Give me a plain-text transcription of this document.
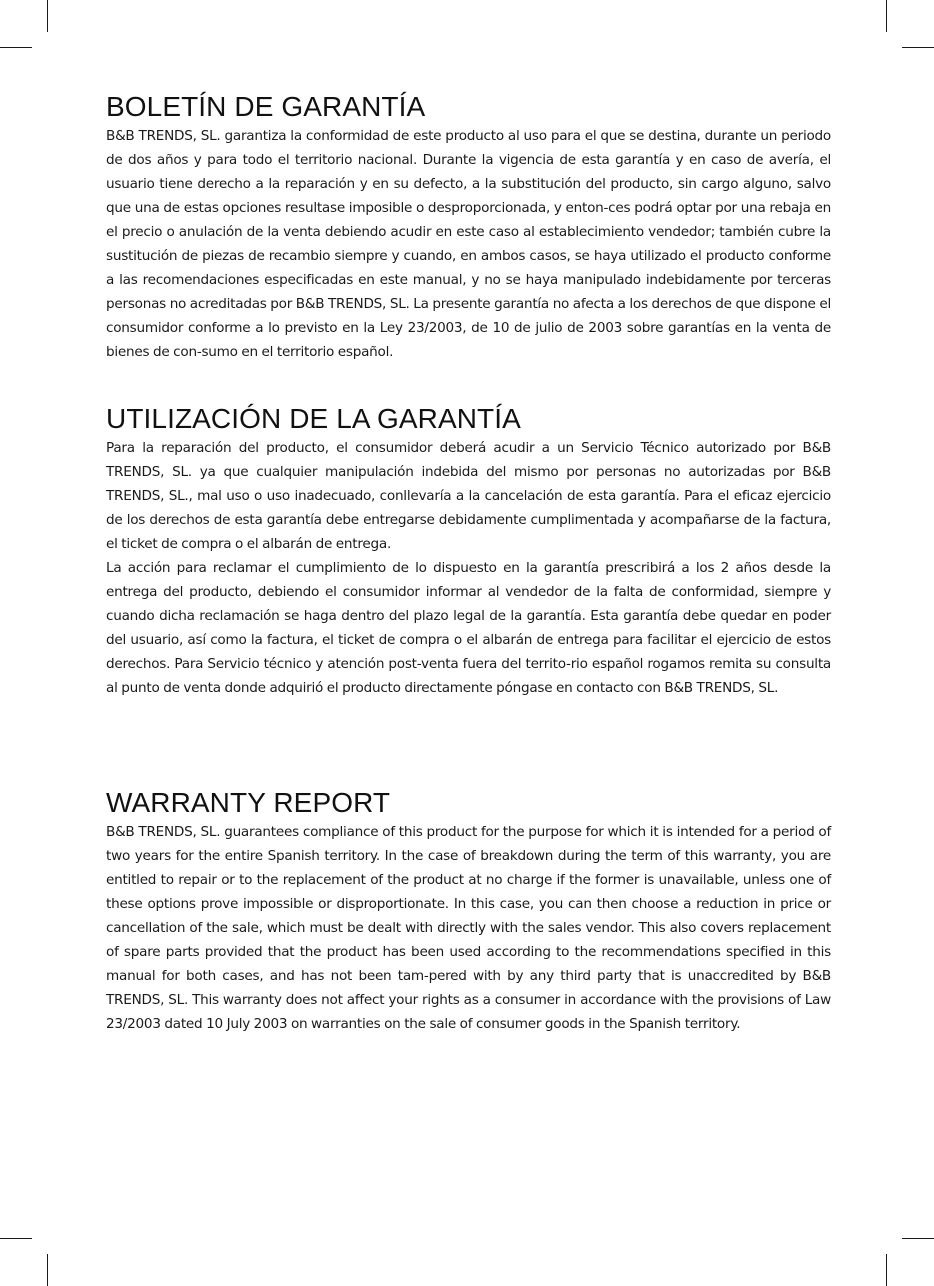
BOLETÍN DE GARANTÍA

B&B TRENDS, SL. garantiza la conformidad de este producto al uso para el que se destina, durante un periodo de dos años y para todo el territorio nacional. Durante la vigencia de esta garantía y en caso de avería, el usuario tiene derecho a la reparación y en su defecto, a la substitución del producto, sin cargo alguno, salvo que una de estas opciones resultase imposible o desproporcionada, y enton-ces podrá optar por una rebaja en el precio o anulación de la venta debiendo acudir en este caso al establecimiento vendedor; también cubre la sustitución de piezas de recambio siempre y cuando, en ambos casos, se haya utilizado el producto conforme a las recomendaciones especificadas en este manual, y no se haya manipulado indebidamente por terceras personas no acreditadas por B&B TRENDS, SL. La presente garantía no afecta a los derechos de que dispone el consumidor conforme a lo previsto en la Ley 23/2003, de 10 de julio de 2003 sobre garantías en la venta de bienes de con-sumo en el territorio español.

UTILIZACIÓN DE LA GARANTÍA

Para la reparación del producto, el consumidor deberá acudir a un Servicio Técnico autorizado por B&B TRENDS, SL. ya que cualquier manipulación indebida del mismo por personas no autorizadas por B&B TRENDS, SL., mal uso o uso inadecuado, conllevaría a la cancelación de esta garantía. Para el eficaz ejercicio de los derechos de esta garantía debe entregarse debidamente cumplimentada y acompañarse de la factura, el ticket de compra o el albarán de entrega.

La acción para reclamar el cumplimiento de lo dispuesto en la garantía prescribirá a los 2 años desde la entrega del producto, debiendo el consumidor informar al vendedor de la falta de conformidad, siempre y cuando dicha reclamación se haga dentro del plazo legal de la garantía. Esta garantía debe quedar en poder del usuario, así como la factura, el ticket de compra o el albarán de entrega para facilitar el ejercicio de estos derechos. Para Servicio técnico y atención post-venta fuera del territo-rio español rogamos remita su consulta al punto de venta donde adquirió el producto directamente póngase en contacto con B&B TRENDS, SL.

WARRANTY REPORT

B&B TRENDS, SL. guarantees compliance of this product for the purpose for which it is intended for a period of two years for the entire Spanish territory. In the case of breakdown during the term of this warranty, you are entitled to repair or to the replacement of the product at no charge if the former is unavailable, unless one of these options prove impossible or disproportionate. In this case, you can then choose a reduction in price or cancellation of the sale, which must be dealt with directly with the sales vendor. This also covers replacement of spare parts provided that the product has been used according to the recommendations specified in this manual for both cases, and has not been tam-pered with by any third party that is unaccredited by B&B TRENDS, SL. This warranty does not affect your rights as a consumer in accordance with the provisions of Law 23/2003 dated 10 July 2003 on warranties on the sale of consumer goods in the Spanish territory.
